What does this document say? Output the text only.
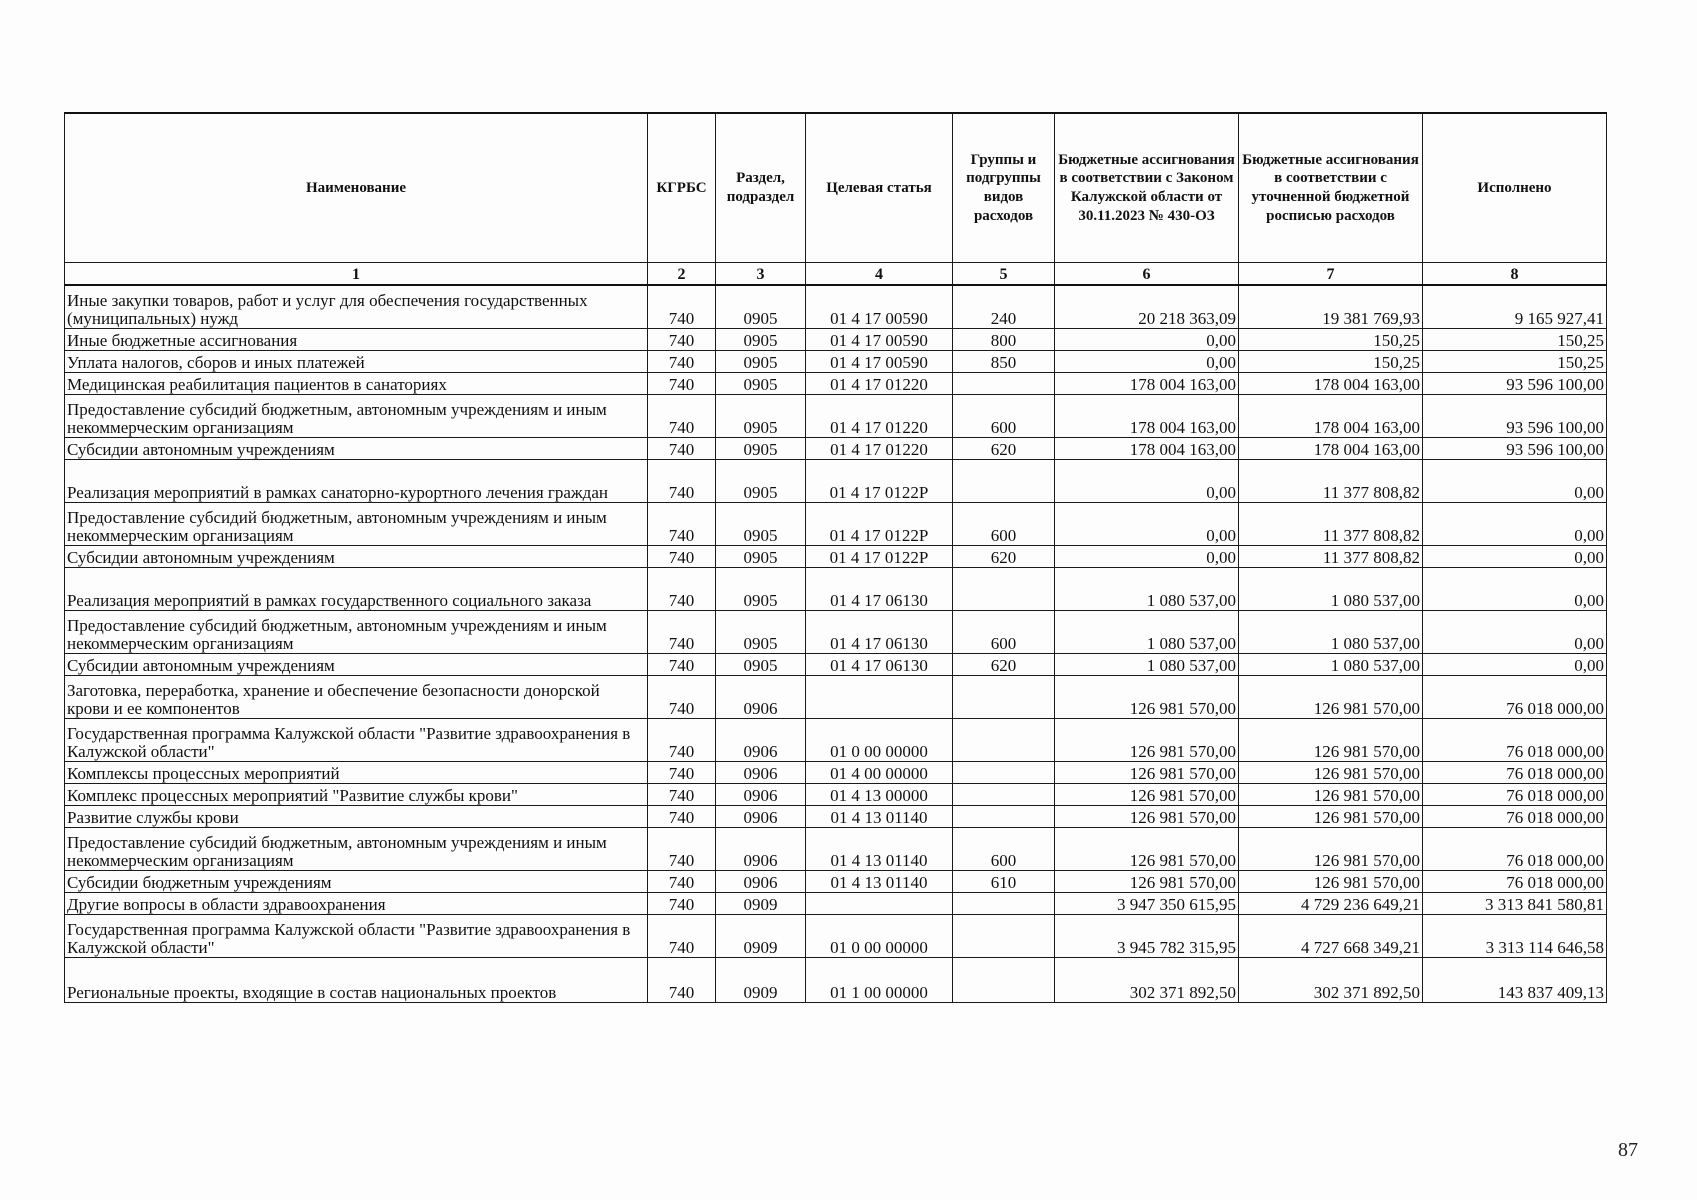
Наименование	КГРБС	Раздел, подраздел	Целевая статья	Группы и подгруппы видов расходов	Бюджетные ассигнования в соответствии с Законом Калужской области от 30.11.2023 № 430-ОЗ	Бюджетные ассигнования в соответствии с уточненной бюджетной росписью расходов	Исполнено
1	2	3	4	5	6	7	8
Иные закупки товаров, работ и услуг для обеспечения государственных (муниципальных) нужд	740	0905	01 4 17 00590	240	20 218 363,09	19 381 769,93	9 165 927,41
Иные бюджетные ассигнования	740	0905	01 4 17 00590	800	0,00	150,25	150,25
Уплата налогов, сборов и иных платежей	740	0905	01 4 17 00590	850	0,00	150,25	150,25
Медицинская реабилитация пациентов в санаториях	740	0905	01 4 17 01220		178 004 163,00	178 004 163,00	93 596 100,00
Предоставление субсидий бюджетным, автономным учреждениям и иным некоммерческим организациям	740	0905	01 4 17 01220	600	178 004 163,00	178 004 163,00	93 596 100,00
Субсидии автономным учреждениям	740	0905	01 4 17 01220	620	178 004 163,00	178 004 163,00	93 596 100,00
Реализация мероприятий в рамках санаторно-курортного лечения граждан	740	0905	01 4 17 0122Р		0,00	11 377 808,82	0,00
Предоставление субсидий бюджетным, автономным учреждениям и иным некоммерческим организациям	740	0905	01 4 17 0122Р	600	0,00	11 377 808,82	0,00
Субсидии автономным учреждениям	740	0905	01 4 17 0122Р	620	0,00	11 377 808,82	0,00
Реализация мероприятий в рамках государственного социального заказа	740	0905	01 4 17 06130		1 080 537,00	1 080 537,00	0,00
Предоставление субсидий бюджетным, автономным учреждениям и иным некоммерческим организациям	740	0905	01 4 17 06130	600	1 080 537,00	1 080 537,00	0,00
Субсидии автономным учреждениям	740	0905	01 4 17 06130	620	1 080 537,00	1 080 537,00	0,00
Заготовка, переработка, хранение и обеспечение безопасности донорской крови и ее компонентов	740	0906			126 981 570,00	126 981 570,00	76 018 000,00
Государственная программа Калужской области "Развитие здравоохранения в Калужской области"	740	0906	01 0 00 00000		126 981 570,00	126 981 570,00	76 018 000,00
Комплексы процессных мероприятий	740	0906	01 4 00 00000		126 981 570,00	126 981 570,00	76 018 000,00
Комплекс процессных мероприятий "Развитие службы крови"	740	0906	01 4 13 00000		126 981 570,00	126 981 570,00	76 018 000,00
Развитие службы крови	740	0906	01 4 13 01140		126 981 570,00	126 981 570,00	76 018 000,00
Предоставление субсидий бюджетным, автономным учреждениям и иным некоммерческим организациям	740	0906	01 4 13 01140	600	126 981 570,00	126 981 570,00	76 018 000,00
Субсидии бюджетным учреждениям	740	0906	01 4 13 01140	610	126 981 570,00	126 981 570,00	76 018 000,00
Другие вопросы в области здравоохранения	740	0909			3 947 350 615,95	4 729 236 649,21	3 313 841 580,81
Государственная программа Калужской области "Развитие здравоохранения в Калужской области"	740	0909	01 0 00 00000		3 945 782 315,95	4 727 668 349,21	3 313 114 646,58
Региональные проекты, входящие в состав национальных проектов	740	0909	01 1 00 00000		302 371 892,50	302 371 892,50	143 837 409,13
87
